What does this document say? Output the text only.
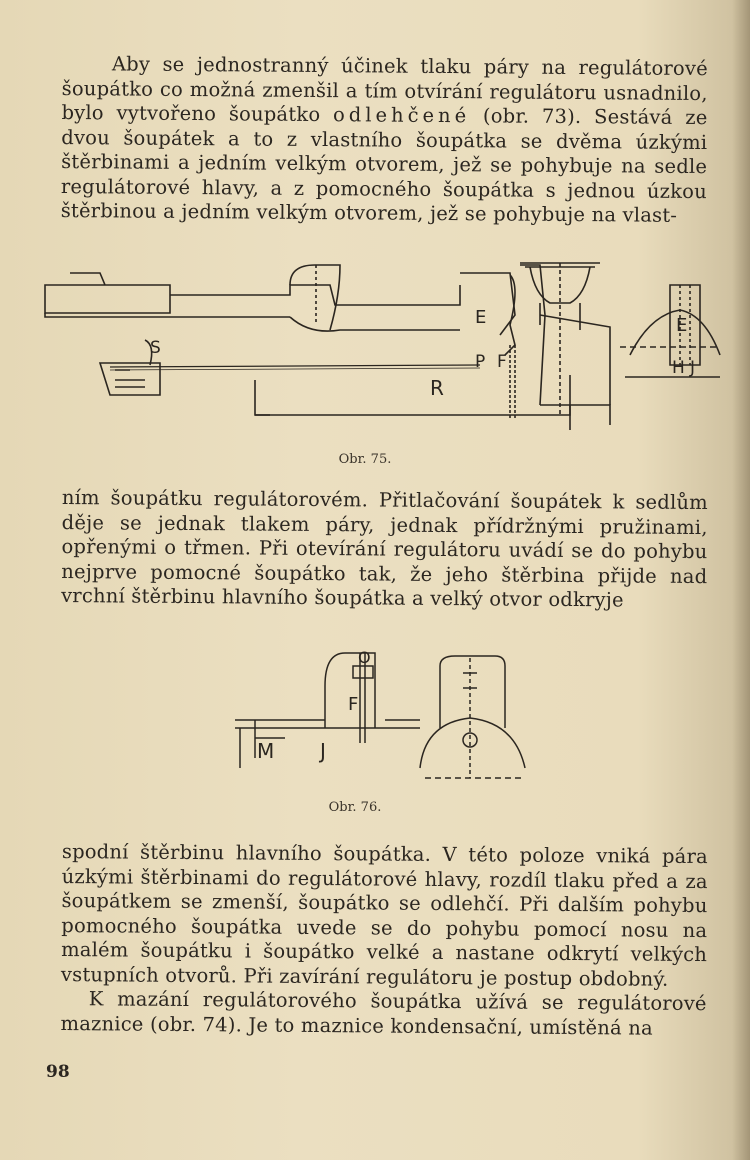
Aby se jednostranný účinek tlaku páry na regulátorové šoupátko co možná zmenšil a tím otvírání regulátoru usnadnilo, bylo vytvořeno šoupátko odlehčené (obr. 73). Sestává ze dvou šoupátek a to z vlastního šoupátka se dvěma úzkými štěrbinami a jedním velkým otvorem, jež se pohybuje na sedle regulátorové hlavy, a z pomocného šoupátka s jednou úzkou štěrbinou a jedním velkým otvorem, jež se pohybuje na vlast-

S
R
E
P F
E
H J
Obr. 75.

ním šoupátku regulátorovém. Přitlačování šoupátek k sedlům děje se jednak tlakem páry, jednak přídržnými pružinami, opřenými o třmen. Při otevírání regulátoru uvádí se do pohybu nejprve pomocné šoupátko tak, že jeho štěrbina přijde nad vrchní štěrbinu hlavního šoupátka a velký otvor odkryje

O
F
M J
Obr. 76.

spodní štěrbinu hlavního šoupátka. V této poloze vniká pára úzkými štěrbinami do regulátorové hlavy, rozdíl tlaku před a za šoupátkem se zmenší, šoupátko se odlehčí. Při dalším pohybu pomocného šoupátka uvede se do pohybu pomocí nosu na malém šoupátku i šoupátko velké a nastane odkrytí velkých vstupních otvorů. Při zavírání regulátoru je postup obdobný.

K mazání regulátorového šoupátka užívá se regulátorové maznice (obr. 74). Je to maznice kondensační, umístěná na

98
